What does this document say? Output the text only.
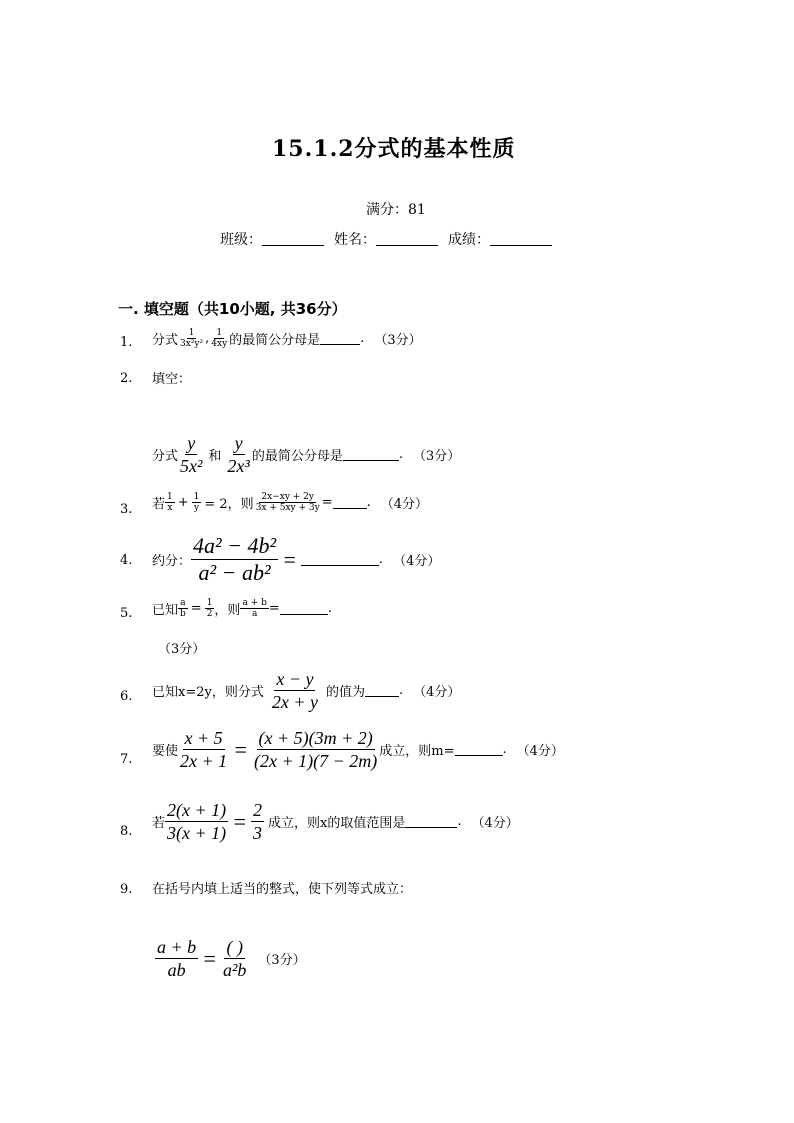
15.1.2分式的基本性质
满分：81
班级：	姓名：	成绩：
一. 填空题（共10小题, 共36分）
1. 分式 $\frac{1}{\text{3x²y²}}$ , $\frac{1}{4xy}$ 的最简公分母是	. （3分）
2. 填空：
分式 $\frac{y}{\text{5x²}}$ 和 $\frac{y}{\text{2x³}}$ 的最简公分母是	. （3分）
3. 若 $\frac{1}{x} + \frac{1}{y} = 2$，则 $\frac{2x-xy + 2y}{3x + 5xy + 3y}$ =	. （4分）
4. 约分： $\frac{\text{4a² − 4b²}}{\text{a² − ab²}}$ =	. （4分）
5. 已知 $\frac{a}{b} = \frac{1}{2}$ ，则 $\frac{a + b}{a}$ =	.
（3分）
6. 已知x=2y，则分式 $\frac{x - y}{2x + y}$ 的值为	. （4分）
7.
要使 $\frac{x + 5}{2x + 1} = \frac{(x + 5)(3m + 2)}{(2x + 1)(7 - 2m)}$ 成立，则m=	. （4分）
8.
若 $\frac{2(x + 1)}{3(x + 1)} = \frac{2}{3}$ 成立，则x的取值范围是	. （4分）
9. 在括号内填上适当的整式，使下列等式成立：
$\frac{a + b}{ab} = \frac{( )}{\text{a²b}} (3$分）
